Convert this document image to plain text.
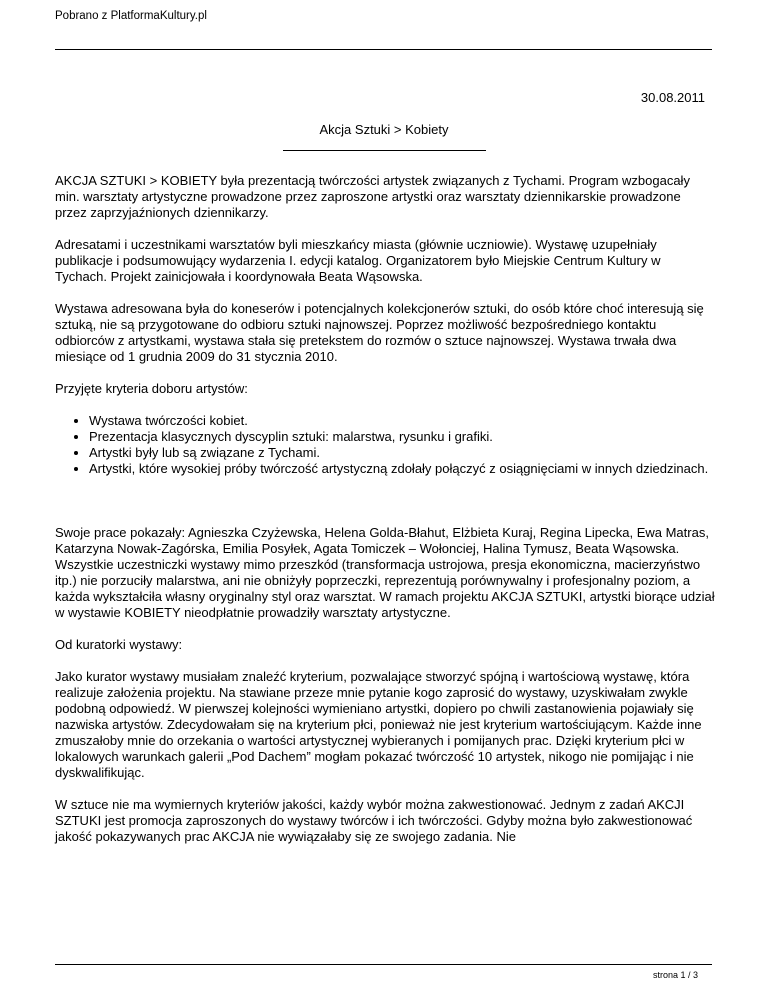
Pobrano z PlatformaKultury.pl
30.08.2011
Akcja Sztuki > Kobiety

AKCJA SZTUKI > KOBIETY była prezentacją twórczości artystek związanych z Tychami. Program wzbogacały min. warsztaty artystyczne prowadzone przez zaproszone artystki oraz warsztaty dziennikarskie prowadzone przez zaprzyjaźnionych dziennikarzy.

Adresatami i uczestnikami warsztatów byli mieszkańcy miasta (głównie uczniowie). Wystawę uzupełniały publikacje i podsumowujący wydarzenia I. edycji katalog. Organizatorem było Miejskie Centrum Kultury w Tychach. Projekt zainicjowała i koordynowała Beata Wąsowska.

Wystawa adresowana była do koneserów i potencjalnych kolekcjonerów sztuki, do osób które choć interesują się sztuką, nie są przygotowane do odbioru sztuki najnowszej. Poprzez możliwość bezpośredniego kontaktu odbiorców z artystkami, wystawa stała się pretekstem do rozmów o sztuce najnowszej. Wystawa trwała dwa miesiące od 1 grudnia 2009 do 31 stycznia 2010.

Przyjęte kryteria doboru artystów:

• Wystawa twórczości kobiet.
• Prezentacja klasycznych dyscyplin sztuki: malarstwa, rysunku i grafiki.
• Artystki były lub są związane z Tychami.
• Artystki, które wysokiej próby twórczość artystyczną zdołały połączyć z osiągnięciami w innych dziedzinach.
Swoje prace pokazały: Agnieszka Czyżewska, Helena Golda-Błahut, Elżbieta Kuraj, Regina Lipecka, Ewa Matras, Katarzyna Nowak-Zagórska, Emilia Posyłek, Agata Tomiczek – Wołonciej, Halina Tymusz, Beata Wąsowska.

Wszystkie uczestniczki wystawy mimo przeszkód (transformacja ustrojowa, presja ekonomiczna, macierzyństwo itp.) nie porzuciły malarstwa, ani nie obniżyły poprzeczki, reprezentują porównywalny i profesjonalny poziom, a każda wykształciła własny oryginalny styl oraz warsztat. W ramach projektu AKCJA SZTUKI, artystki biorące udział w wystawie KOBIETY nieodpłatnie prowadziły warsztaty artystyczne.

Od kuratorki wystawy:

Jako kurator wystawy musiałam znaleźć kryterium, pozwalające stworzyć spójną i wartościową wystawę, która realizuje założenia projektu. Na stawiane przeze mnie pytanie kogo zaprosić do wystawy, uzyskiwałam zwykle podobną odpowiedź. W pierwszej kolejności wymieniano artystki, dopiero po chwili zastanowienia pojawiały się nazwiska artystów. Zdecydowałam się na kryterium płci, ponieważ nie jest kryterium wartościującym. Każde inne zmuszałoby mnie do orzekania o wartości artystycznej wybieranych i pomijanych prac. Dzięki kryterium płci w lokalowych warunkach galerii „Pod Dachem” mogłam pokazać twórczość 10 artystek, nikogo nie pomijając i nie dyskwalifikując.

W sztuce nie ma wymiernych kryteriów jakości, każdy wybór można zakwestionować. Jednym z zadań AKCJI SZTUKI jest promocja zaproszonych do wystawy twórców i ich twórczości. Gdyby można było zakwestionować jakość pokazywanych prac AKCJA nie wywiązałaby się ze swojego zadania. Nie

strona 1 / 3
